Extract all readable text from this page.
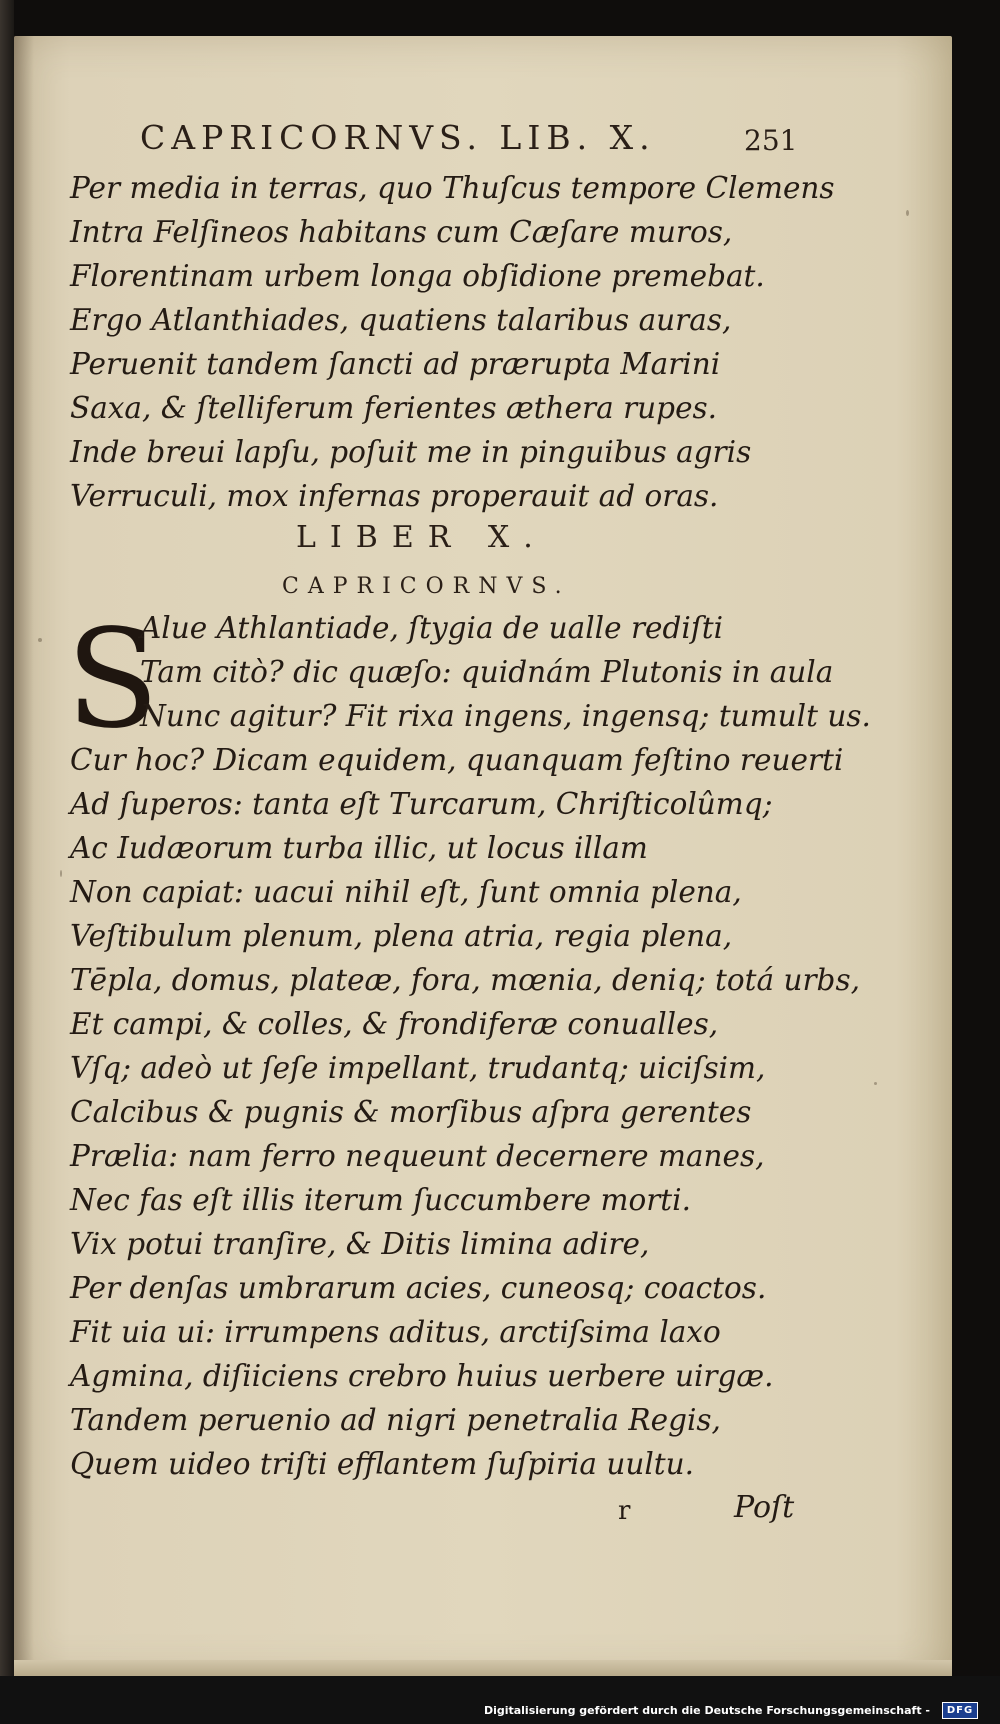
CAPRICORNVS. LIB. X.	251
Per media in terras, quo Thuſcus tempore Clemens
Intra Felſineos habitans cum Cæſare muros,
Florentinam urbem longa obſidione premebat.
Ergo Atlanthiades, quatiens talaribus auras,
Peruenit tandem ſancti ad prærupta Marini
Saxa, & ſtelliferum ferientes æthera rupes.
Inde breui lapſu, poſuit me in pinguibus agris
Verruculi, mox infernas properauit ad oras.
LIBER X.
CAPRICORNVS.
S
Alue Athlantiade, ſtygia de ualle rediſti
Tam citò? dic quæſo: quidnám Plutonis in aula
Nunc agitur? Fit rixa ingens, ingensq; tumult us.
Cur hoc? Dicam equidem, quanquam feſtino reuerti
Ad ſuperos: tanta eſt Turcarum, Chriſticolûmq;
Ac Iudæorum turba illic, ut locus illam
Non capiat: uacui nihil eſt, ſunt omnia plena,
Veſtibulum plenum, plena atria, regia plena,
Tēpla, domus, plateæ, fora, mœnia, deniq; totá urbs,
Et campi, & colles, & frondiferæ conualles,
Vſq; adeò ut ſeſe impellant, trudantq; uiciſsim,
Calcibus & pugnis & morſibus aſpra gerentes
Prælia: nam ferro nequeunt decernere manes,
Nec fas eſt illis iterum ſuccumbere morti.
Vix potui tranſire, & Ditis limina adire,
Per denſas umbrarum acies, cuneosq; coactos.
Fit uia ui: irrumpens aditus, arctiſsima laxo
Agmina, diſiiciens crebro huius uerbere uirgæ.
Tandem peruenio ad nigri penetralia Regis,
Quem uideo triſti efflantem ſuſpiria uultu.
r	Poſt
Digitalisierung gefördert durch die Deutsche Forschungsgemeinschaft -	DFG
